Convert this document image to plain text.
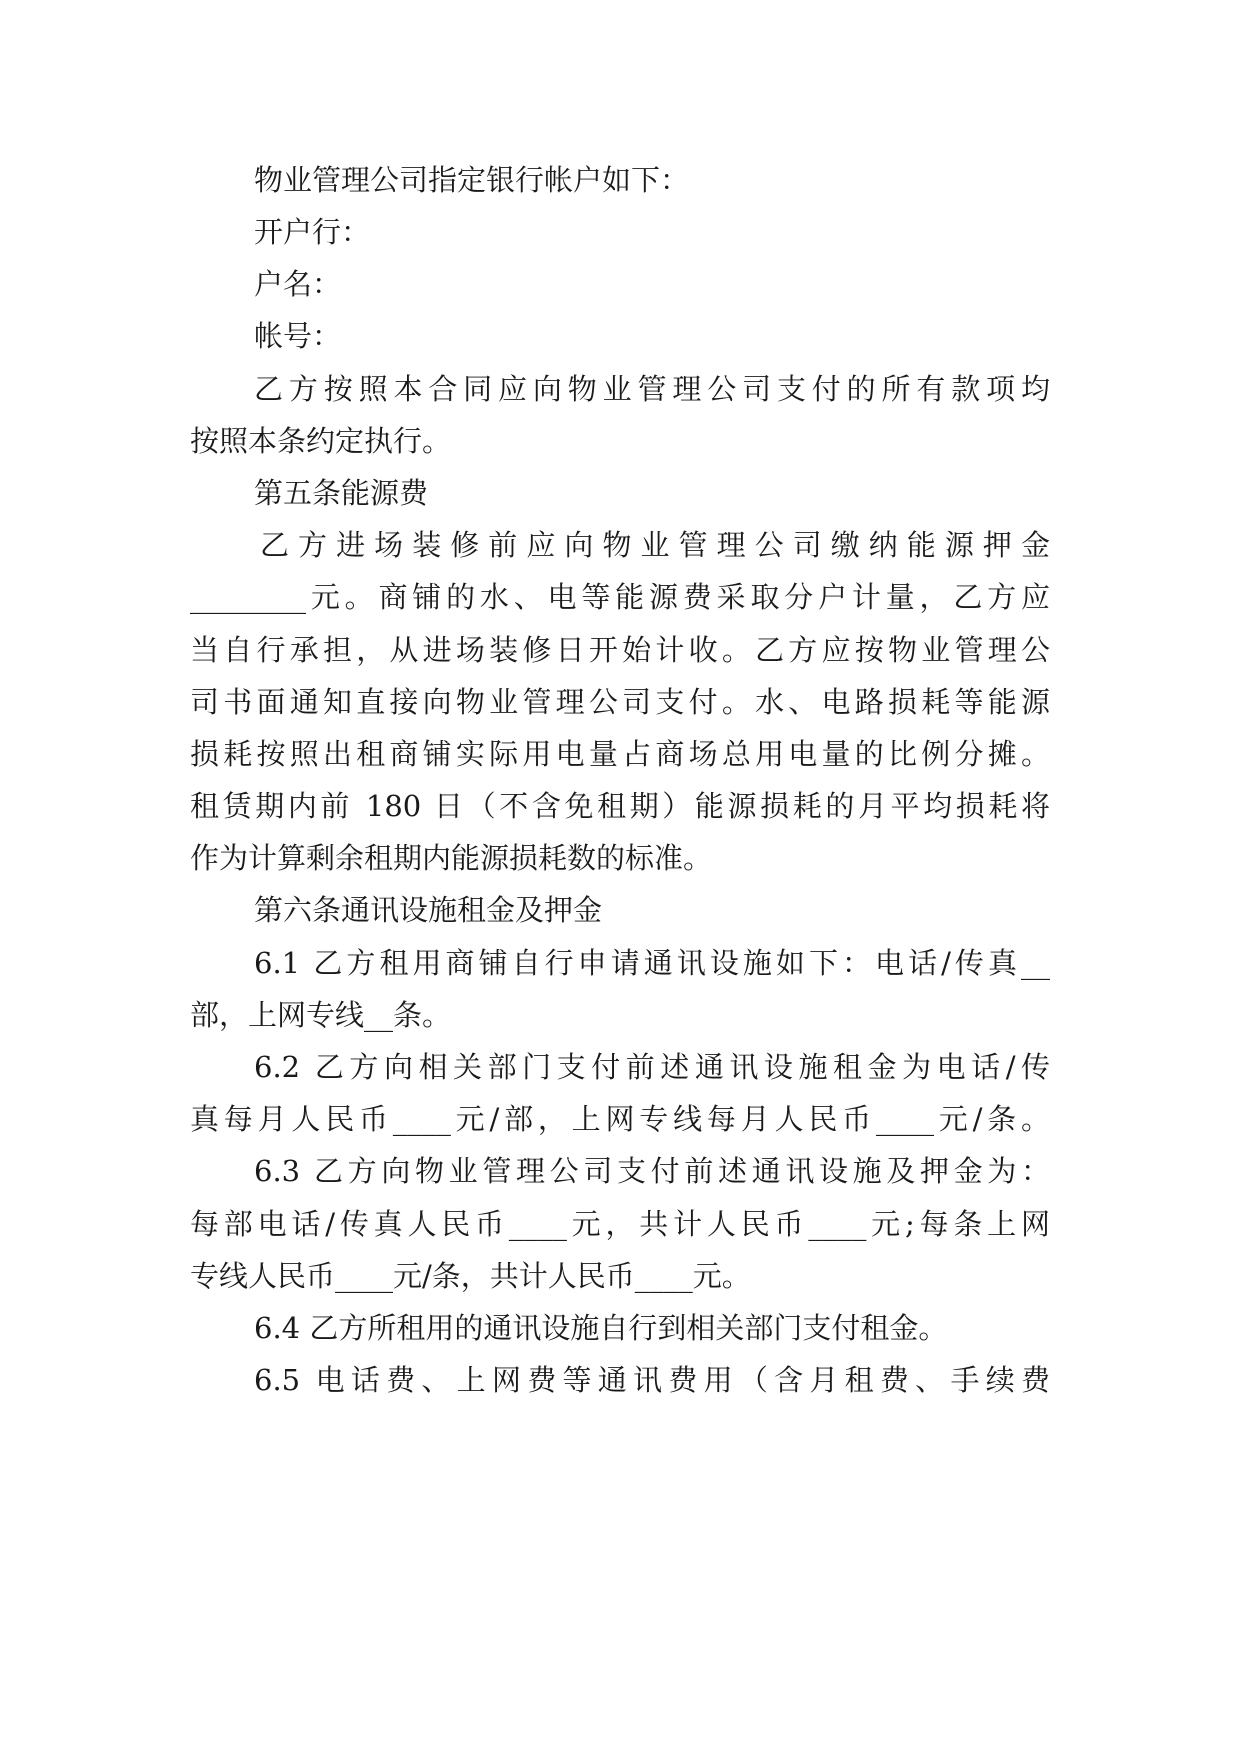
物业管理公司指定银行帐户如下：
开户行：
户名：
帐号：
乙方按照本合同应向物业管理公司支付的所有款项均
按照本条约定执行。
第五条能源费
乙方进场装修前应向物业管理公司缴纳能源押金
________元。商铺的水、电等能源费采取分户计量，乙方应
当自行承担，从进场装修日开始计收。乙方应按物业管理公
司书面通知直接向物业管理公司支付。水、电路损耗等能源
损耗按照出租商铺实际用电量占商场总用电量的比例分摊。
租赁期内前 180 日（不含免租期）能源损耗的月平均损耗将
作为计算剩余租期内能源损耗数的标准。
第六条通讯设施租金及押金
6.1 乙方租用商铺自行申请通讯设施如下：电话/传真__
部，上网专线__条。
6.2 乙方向相关部门支付前述通讯设施租金为电话/传
真每月人民币____元/部，上网专线每月人民币____元/条。
6.3 乙方向物业管理公司支付前述通讯设施及押金为：
每部电话/传真人民币____元，共计人民币____元;每条上网
专线人民币____元/条，共计人民币____元。
6.4 乙方所租用的通讯设施自行到相关部门支付租金。
6.5 电话费、上网费等通讯费用（含月租费、手续费
